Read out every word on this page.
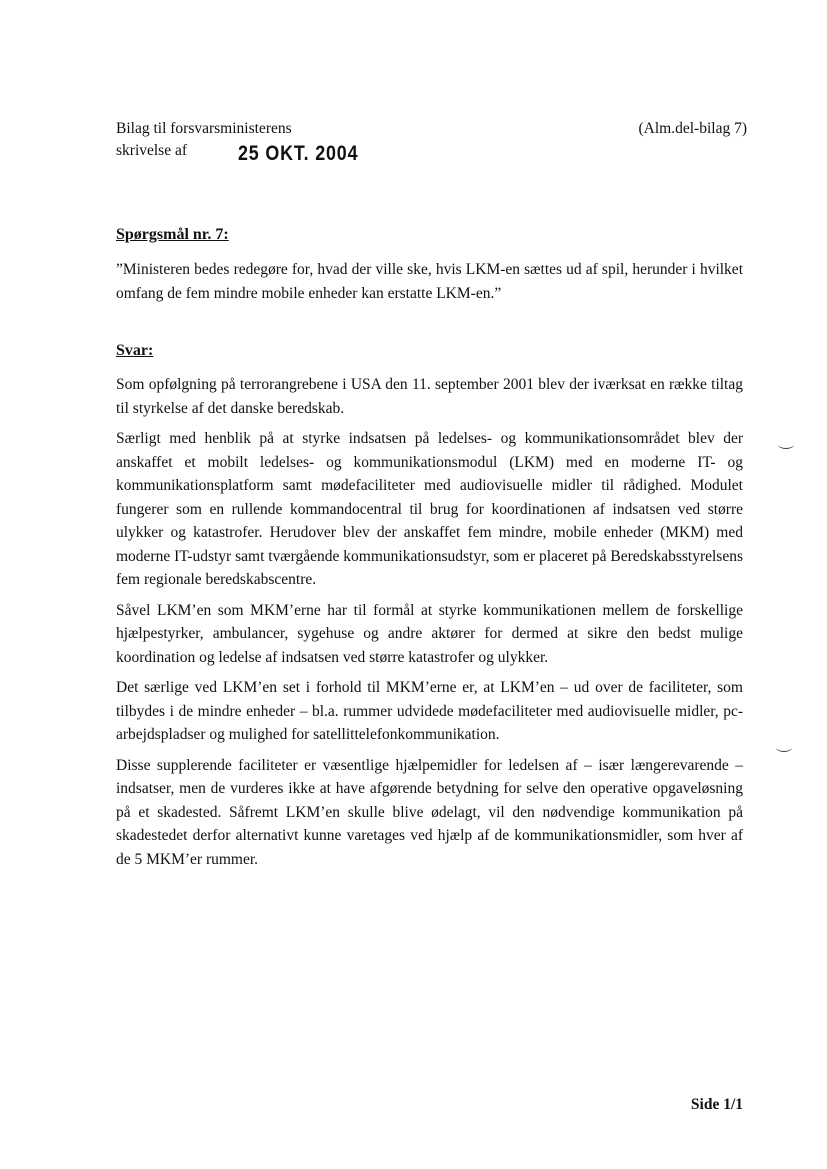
Bilag til forsvarsministerens
skrivelse af	25 OKT. 2004
(Alm.del-bilag 7)
Spørgsmål nr. 7:
”Ministeren bedes redegøre for, hvad der ville ske, hvis LKM-en sættes ud af spil, herunder i hvilket omfang de fem mindre mobile enheder kan erstatte LKM-en.”
Svar:

Som opfølgning på terrorangrebene i USA den 11. september 2001 blev der iværksat en række tiltag til styrkelse af det danske beredskab.

Særligt med henblik på at styrke indsatsen på ledelses- og kommunikationsområdet blev der anskaffet et mobilt ledelses- og kommunikationsmodul (LKM) med en moderne IT- og kommunikationsplatform samt mødefaciliteter med audiovisuelle midler til rådighed. Modulet fungerer som en rullende kommandocentral til brug for koordinationen af indsatsen ved større ulykker og katastrofer. Herudover blev der anskaffet fem mindre, mobile enheder (MKM) med moderne IT-udstyr samt tværgående kommunikationsudstyr, som er placeret på Beredskabsstyrelsens fem regionale beredskabscentre.

Såvel LKM’en som MKM’erne har til formål at styrke kommunikationen mellem de forskellige hjælpestyrker, ambulancer, sygehuse og andre aktører for dermed at sikre den bedst mulige koordination og ledelse af indsatsen ved større katastrofer og ulykker.

Det særlige ved LKM’en set i forhold til MKM’erne er, at LKM’en – ud over de faciliteter, som tilbydes i de mindre enheder – bl.a. rummer udvidede mødefaciliteter med audiovisuelle midler, pc-arbejdspladser og mulighed for satellittelefonkommunikation.

Disse supplerende faciliteter er væsentlige hjælpemidler for ledelsen af – især længerevarende – indsatser, men de vurderes ikke at have afgørende betydning for selve den operative opgaveløsning på et skadested. Såfremt LKM’en skulle blive ødelagt, vil den nødvendige kommunikation på skadestedet derfor alternativt kunne varetages ved hjælp af de kommunikationsmidler, som hver af de 5 MKM’er rummer.

Side 1/1
